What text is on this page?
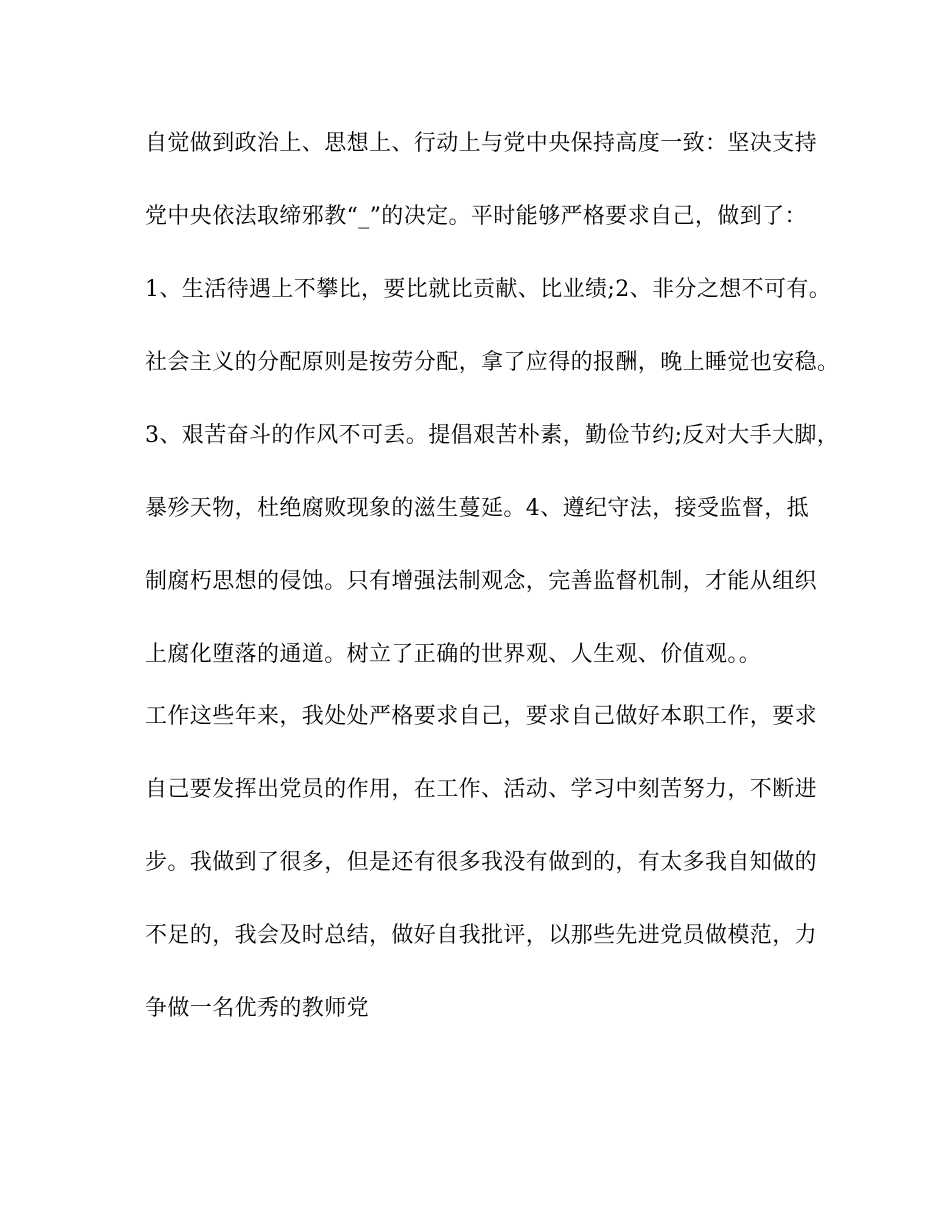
自觉做到政治上、思想上、行动上与党中央保持高度一致：坚决支持
党中央依法取缔邪教“_”的决定。平时能够严格要求自己，做到了：
1、生活待遇上不攀比，要比就比贡献、比业绩;2、非分之想不可有。
社会主义的分配原则是按劳分配，拿了应得的报酬，晚上睡觉也安稳。
3、艰苦奋斗的作风不可丢。提倡艰苦朴素，勤俭节约;反对大手大脚，
暴殄天物，杜绝腐败现象的滋生蔓延。4、遵纪守法，接受监督，抵
制腐朽思想的侵蚀。只有增强法制观念，完善监督机制，才能从组织
上腐化堕落的通道。树立了正确的世界观、人生观、价值观。。
工作这些年来，我处处严格要求自己，要求自己做好本职工作，要求
自己要发挥出党员的作用，在工作、活动、学习中刻苦努力，不断进
步。我做到了很多，但是还有很多我没有做到的，有太多我自知做的
不足的，我会及时总结，做好自我批评，以那些先进党员做模范，力
争做一名优秀的教师党
